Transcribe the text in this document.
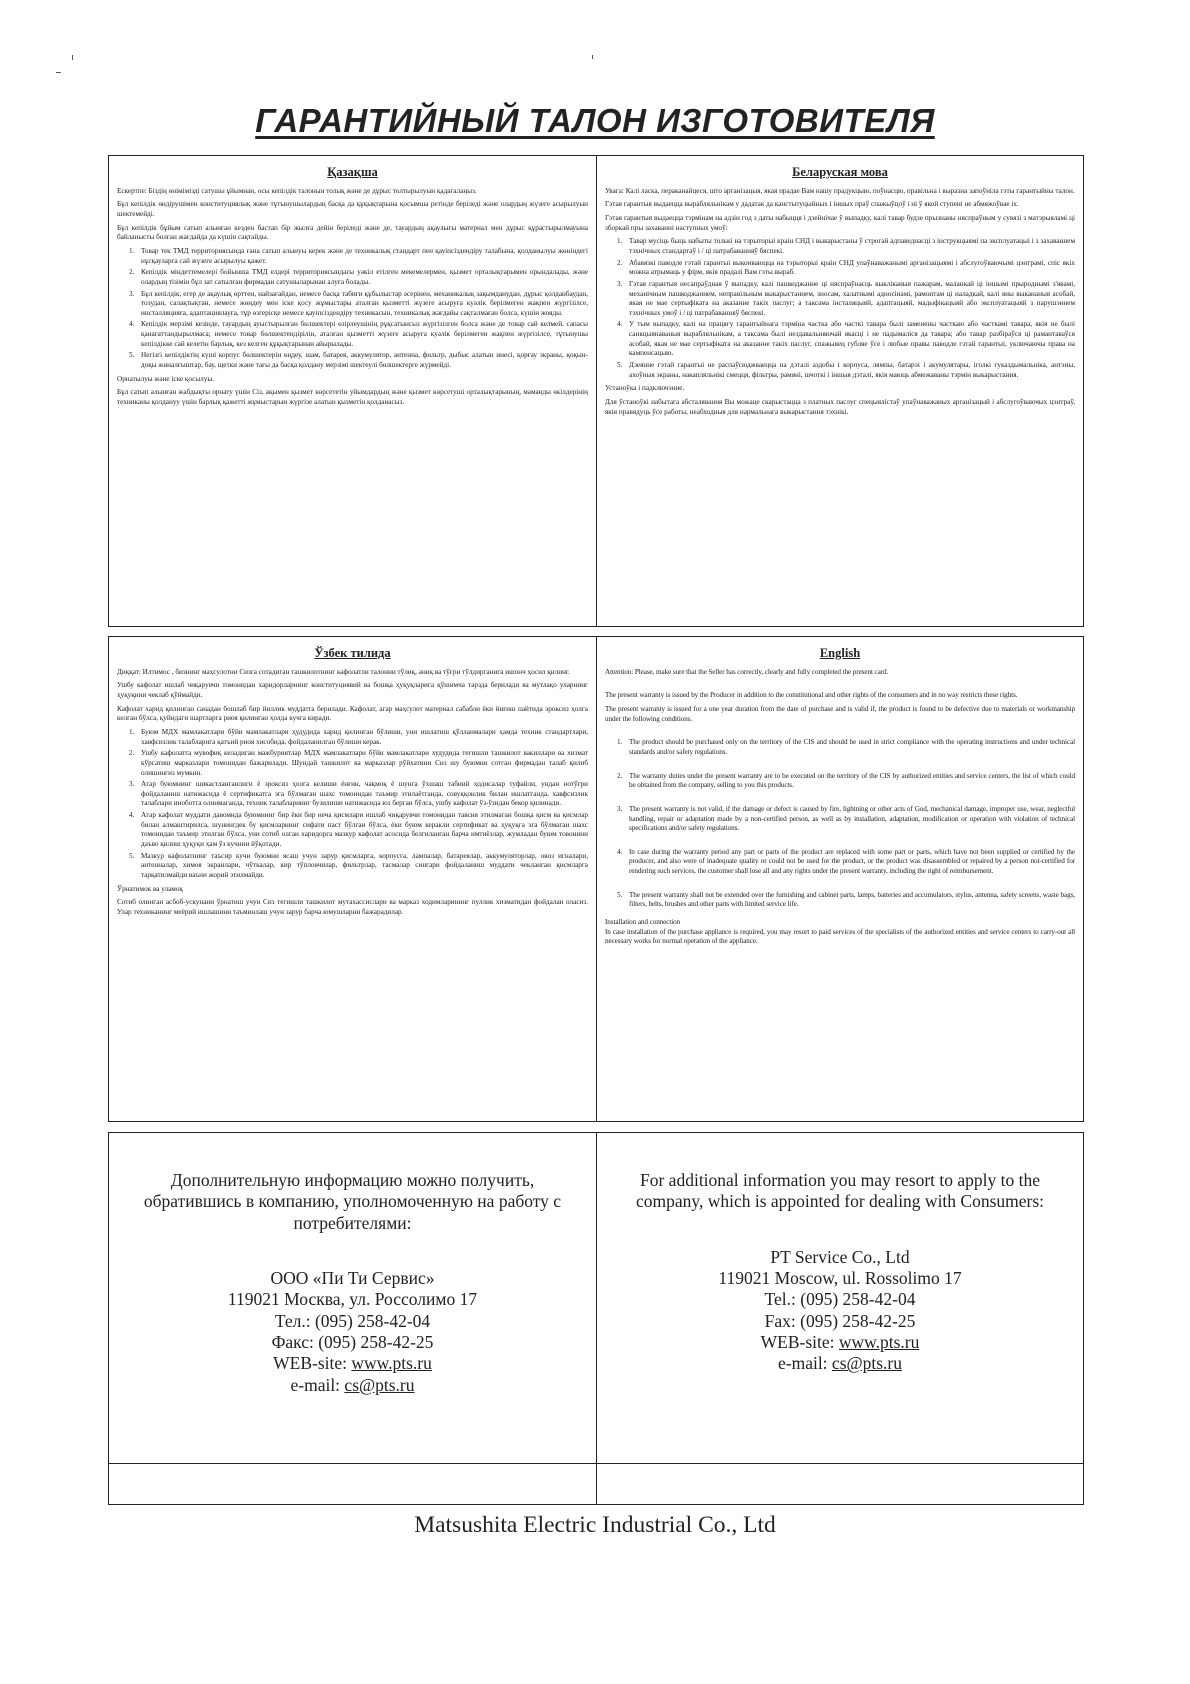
ГАРАНТИЙНЫЙ ТАЛОН ИЗГОТОВИТЕЛЯ
Қазақша

Ескертпе: Біздің өнімімізді сатушы ұйымнан, осы кепілдік талонын толық және де дұрыс толтырылуын қадағалаңыз.

Бұл кепілдік өндірушімен конституциялық және тұтынушылардың басқа да құқықтарына қосымша ретінде беріледі және олардың жүзеге асырылуын шектемейді.

Бұл кепілдік бұйым сатып алынған кезден бастап бір жылға дейін беріледі және де, тауардың ақаулығы материал мен дұрыс құрастырылмауына байланысты болған жағдайда да күшін сақтайды.

1. Товар тек ТМД территориясында ғана сатып алынуы керек және де техникалық стандарт пен қауіпсіздендіру талабына, қолданылуы жөніндегі нұсқауларға сай жүзеге асырылуы қажет.
2. Кепілдік міндеттемелері бойынша ТМД елдері территориясындағы уәкіл етілген мекемелермен, қызмет орталықтарымен орындалады, және олардың тізімін бұл зат сатылған фирмадан сатушыларынан алуға болады.
3. Бұл кепілдік, егер де ақаулық өрттен, найзағайдан, немесе басқа табиғи құбылыстар әсерінен, механикалық зақымданудан, дұрыс қолданбаудан, тозудан, салақтықтан, немесе жөндеу мен іске қосу жұмыстары аталған қызметті жүзеге асыруға куәлік берілмеген жақпен жүргізілсе, инсталляцияға, адаптациялауға, тұр өзгерісқе немесе қауіпсіздендіру техникасын, техникалық жағдайы сақталмаған болса, күшін жояды.
4. Кепілдік мерзімі кезінде, тауардың ауыстырылған бөлшектері өзірлеушінің рұқсатынсыз жүргізілген болса және де товар сай келмей, сапасы қанағаттандырылмаса; немесе товар бөлшектендірілін, аталған қызметті жүзеге асыруға куәлік берілмеген жақпен жүргізілсе, тұтынушы кепілдікке сай келетін барлық, кез келген құқықтарынан айырылады.
5. Негізгі кепілдіктің күші корпус бөлшектерін өңдеу, шам, батарея, аккумулятор, антенна, фильтр, дыбыс алатын инесі, қорғау экраны, қоқын-доқы жиналғыштар, бау, щетки және тағы да басқа қолдану мерзімі шектеулі бөлшектерге жүрмейді.

Орнатылуы және іске қосылуы.

Бұл сатып алынған жабдықты орнату үшін Сіз, ақымен қызмет көрсететін уйымдардың және қызмет көрсетуші орталықтарының, маманды өкілдерінің техниканы қолдануу үшін барлық қажетті жұмыстарын жүргізе алатын қызметін қолданасыз.

Беларуская мова

Увага: Калі ласка, пераканайцеся, што арганізацыя, якая прадае Вам нашу прадукцыю, поўнасцю, правільна і выразна запоўніла гэты гарантыйны талон.

Гэтая гарантыя выдаецца вырабляльнікам у дадатак да канстытуцыйных і іншых праў спажыўцоў і ні ў якой ступені не абмяжоўвае іх.

Гэтая гарантыя выдаецца тэрмінам на адзін год з даты набыцця і дзейнічае ў выпадку, калі тавар будзе прызнаны няспраўным у сувязі з матэрыяламі ці зборкай пры захаванні наступных умоў:

1. Тавар мусіць быць набыты толькі на тэрыторыі краін СНД і выкарыстаны ў строгай адпаведнасці з інструкцыямі па эксплуатацыі і з захаваннем тэхнічных стандартаў і / ці патрабаванняў бяспекі.
2. Абавязкі паводле гэтай гарантыі выконваюцца на тэрыторыі краін СНД упаўнаважанымі арганізацыямі і абслугоўваючымі цэнтрамі, спіс якіх можна атрымаць у фірм, якія прадалі Вам гэты выраб.
3. Гэтая гарантыя несапраўдная ў выпадку, калі пашкоджанне ці няспраўнасць выкліканыя пажарам, маланкай ці іншымі прыроднымі з'явамі, механічным пашкоджаннем, неправільным выкарыстаннем, зносам, халатнымі адносінамі, рамонтам ці наладкай, калі яны выкананыя асобай, якая не мае сертыфіката на аказанне такіх паслуг; а таксама інсталяцыяй, адаптацыяй, мадыфікацыяй або эксплуатацыяй з парушэннем тэхнічных умоў і / ці патрабаванняў бяспекі.
4. У тым выпадку, калі на працягу гарантыйнага тэрміна частка або часткі тавара былі заменены часткаю або часткамі тавара, якія не былі санкцыянаваныя вырабляльнікам, а таксама былі нездавальняючай якасці і не падымаліся да тавара; або тавар разбіраўся ці рамантаваўся асобай, якая не мае сертыфіката на аказанне такіх паслуг, спажывец губляе ўсе і любые правы паводле гэтай гарантыі, уключаючы права на кампенсацыю.
5. Дзеянне гэтай гарантыі не распаўсюджваецца на дэталі аздобы і корпуса, лямпы, батарэі і акумулятары, іголкі гуказдымальніка, антэны, ахоўныя экраны, накапляльнікі смецця, фільтры, рамяні, шчоткі і іншыя дэталі, якія маюць абмежаваны тэрмін выкарыстання.

Устаноўка і падключэнне.

Для ўстаноўкі набытага абсталявання Вы можаце скарыстацца з платных паслуг спецыялістаў упаўнаважаных арганізацый і абслугоўваючых цэнтраў, якія правядуць ўсе работы, неабходныя для нармальнага выкарыстання тэхнікі.

Ўзбек тилида

Диққат: Илтимос , бизнинг маҳсулотни Сизга сотадиган ташкилотнинг кафолатли талонни тўлиқ, аниқ ва тўғри тўлдирганига ишонч ҳосил қилинг.

Ушбу кафолат ишлаб чиқарувчи томонидан харидорларнинг конституциявий ва бошқа ҳуқуқларига қўшимча тарзда берилади ва мутлақо уларнинг ҳуқуқини чеклаб қўймайди.

Кафолат харид қилинган санадан бошлаб бир йиллик муддатга берилади. Кафолат, агар маҳсулот материал сабабли ёки йиғиш пайтида эроксиз ҳолга келган бўлса, қуйидаги шартларга риоя қилинган ҳолда кучга киради.

1. Буюм МДХ мамлакатлари бўйи мамлакатлари ҳудудида харид қилинган бўлиши, уни ишлатиш қўлланмалари ҳамда техник стандартлари, хавфсизлик талабларига қатъий риоя хисобида, фойдаланилган бўлиши керак.
2. Ушбу кафолатга мувофиқ келадиган мажбуриятлар МДХ мамлакатлари бўйи мамлакатлари худудида тегишли ташкилот вакиллари ва хизмат кўрсатиш марказлари томонидан бажарилади. Шундай ташкилот ва марказлар рўйхатини Сиз шу буюмни сотган фирмадан талаб қилиб олишингиз мумкин.
3. Агар буюмнинг шикастланганлиги ё эроксиз ҳолга келиши ёнғин, чақмоқ ё шунга ўхшаш табиий ҳодисалар туфайли, ундан нотўғри фойдаланиш натижасида ё сертификатга эга бўлмаган шахс томонидан таъмир этилаётганда, совуққонлик билан ишлатганда, хавфсизлик талаблари иноботга олинмаганда, техник талабларнинг бузилиши натижасида юз берган бўлса, ушбу кафолат ўз-ўзидан бекор қилинади.
4. Агар кафолат муддати давомида буюмнинг бир ёки бир неча қисмлари ишлаб чиқарувчи томонидан тавсия этилмаган бошқа қисм ва қисмлар билан алмаштирилса, шунингдек бу қисмларнинг сифати паст бўлган бўлса, ёки буюм керакли сертификат ва ҳуқуқга эга бўлмаган шахс томонидан таъмир этилган бўлса, уни сотиб олган харидорга мазкур кафолат асосида белгиланган барча имтиёзлар, жумладан буюм товонини даъво қилиш ҳуқуқи ҳам ўз кучини йўқотади.
5. Мазкур кафолатнинг таъсир кучи буюмни ясаш учун зарур қисмларга, корпусга, лампалар, батареялар, аккумуляторлар, овоз игналари, антенналар, химоя экранлари, чўткалар, кир тўпловчилар, фильтрлар, тасмалар сингари фойдаланиш муддати чекланган қисмларга тарқатилмайди ваъни жорий этилмайди.

Ўрнатимок ва уламоқ

Сотиб олинган асбоб-ускунани ўрнатиш учун Сиз тегишли ташкилот мутахассислари ва марказ ходимларининг пуллик хизматидан фойдалан оласиз. Улар техниканинг меёрий ишлашини таъминлаш учун зарур барча юмушларни бажарадилар.

English

Attention: Please, make sure that the Seller has correctly, clearly and fully completed the present card.

The present warranty is issued by the Producer in addition to the constitutional and other rights of the consumers and in no way restricts these rights.

The present warranty is issued for a one year duration from the date of purchase and is valid if, the product is found to be defective due to materials or workmanship under the following conditions.

1. The product should be purchased only on the territory of the CIS and should be used in strict compliance with the operating instructions and under technical standards and/or safety regulations.
2. The warranty duties under the present warranty are to be executed on the territory of the CIS by authorized entities and service centers, the list of which could be obtained from the company, selling to you this products.
3. The present warranty is not valid, if the damage or defect is caused by fire, lightning or other acts of God, mechanical damage, improper use, wear, neglectful handling, repair or adaptation made by a non-certified person, as well as by installation, adaptation, modification or operation with violation of technical specifications and/or safety regulations.
4. In case during the warranty period any part or parts of the product are replaced with some part or parts, which have not been supplied or certified by the producer, and also were of inadequate quality or could not be used for the product, or the product was disassembled or repaired by a person not-certified for rendering such services, the customer shall lose all and any rights under the present warranty, including the right of reimbursement.
5. The present warranty shall not be extended over the furnishing and cabinet parts, lamps, batteries and accumulators, stylus, antenna, safety screens, waste bags, filters, belts, brushes and other parts with limited service life.

Installation and connection

In case installation of the purchase appliance is required, you may resort to paid services of the specialists of the authorized entities and service centers to carry-out all necessary works for normal operation of the appliance.

Дополнительную информацию можно получить, обратившись в компанию, уполномоченную на работу с потребителями:
ООО «Пи Ти Сервис»
119021 Москва, ул. Россолимо 17
Тел.: (095) 258-42-04
Факс: (095) 258-42-25
WEB-site: www.pts.ru
e-mail: cs@pts.ru
For additional information you may resort to apply to the company, which is appointed for dealing with Consumers:
PT Service Co., Ltd
119021 Moscow, ul. Rossolimo 17
Tel.: (095) 258-42-04
Fax: (095) 258-42-25
WEB-site: www.pts.ru
e-mail: cs@pts.ru

Matsushita Electric Industrial Co., Ltd
